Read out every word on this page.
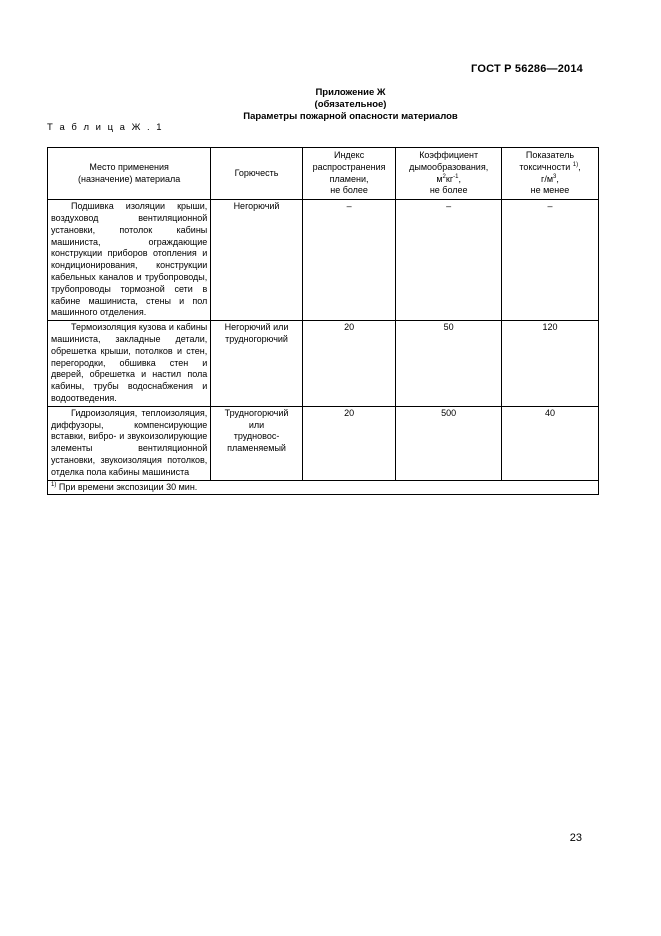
ГОСТ Р 56286—2014
Приложение Ж
(обязательное)
Параметры пожарной опасности материалов
Т а б л и ц а Ж . 1
Место применения
(назначение) материала	Горючесть	Индекс
распространения
пламени,
не более	Коэффициент
дымообразования,
$м^2кг^{-1}$,
не более	Показатель
токсичности $^{1)}$,
$г/м^3$,
не менее
Подшивка изоляции крыши, воздуховод вентиляционной установки, потолок кабины машиниста, ограждающие конструкции приборов отопления и кондиционирования, конструкции кабельных каналов и трубопроводы, трубопроводы тормозной сети в кабине машиниста, стены и пол машинного отделения.	Негорючий	–	–	–
Термоизоляция кузова и кабины машиниста, закладные детали, обрешетка крыши, потолков и стен, перегородки, обшивка стен и дверей, обрешетка и настил пола кабины, трубы водоснабжения и водоотведения.	Негорючий или
трудногорючий	20	50	120
Гидроизоляция, теплоизоляция, диффузоры, компенсирующие вставки, вибро- и звукоизолирующие элементы вентиляционной установки, звукоизоляция потолков, отделка пола кабины машиниста	Трудногорючий
или
трудновос-
пламеняемый	20	500	40
$^{1)}$ При времени экспозиции 30 мин.				
23
